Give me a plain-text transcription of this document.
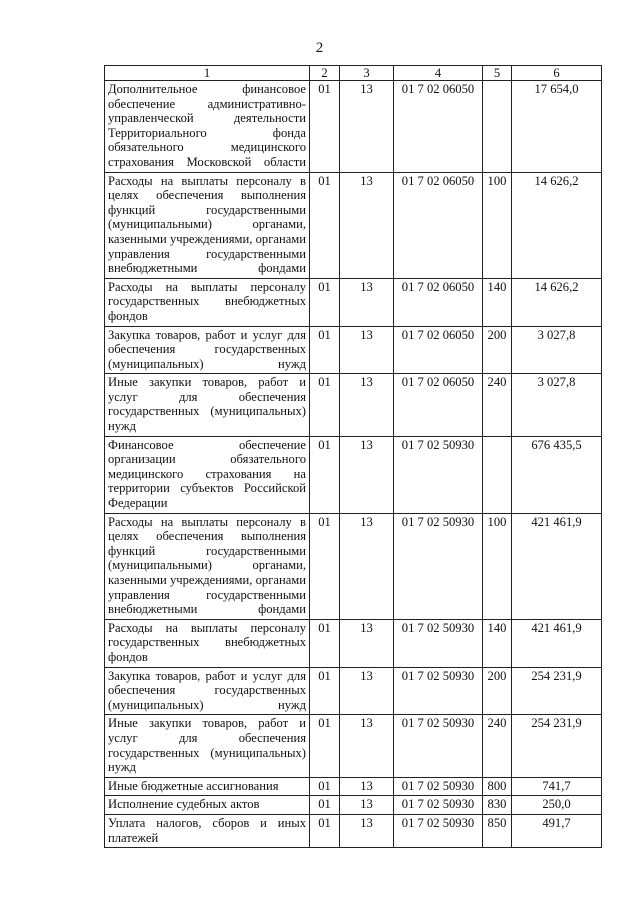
2
1	2	3	4	5	6
Дополнительное финансовое обеспечение административно-управленческой деятельности Территориального фонда обязательного медицинского страхования Московской области	01	13	01 7 02 06050		17 654,0
Расходы на выплаты персоналу в целях обеспечения выполнения функций государственными (муниципальными) органами, казенными учреждениями, органами управления государственными внебюджетными фондами	01	13	01 7 02 06050	100	14 626,2
Расходы на выплаты персоналу государственных внебюджетных фондов	01	13	01 7 02 06050	140	14 626,2
Закупка товаров, работ и услуг для обеспечения государственных (муниципальных) нужд	01	13	01 7 02 06050	200	3 027,8
Иные закупки товаров, работ и услуг для обеспечения государственных (муниципальных) нужд	01	13	01 7 02 06050	240	3 027,8
Финансовое обеспечение организации обязательного медицинского страхования на территории субъектов Российской Федерации	01	13	01 7 02 50930		676 435,5
Расходы на выплаты персоналу в целях обеспечения выполнения функций государственными (муниципальными) органами, казенными учреждениями, органами управления государственными внебюджетными фондами	01	13	01 7 02 50930	100	421 461,9
Расходы на выплаты персоналу государственных внебюджетных фондов	01	13	01 7 02 50930	140	421 461,9
Закупка товаров, работ и услуг для обеспечения государственных (муниципальных) нужд	01	13	01 7 02 50930	200	254 231,9
Иные закупки товаров, работ и услуг для обеспечения государственных (муниципальных) нужд	01	13	01 7 02 50930	240	254 231,9
Иные бюджетные ассигнования	01	13	01 7 02 50930	800	741,7
Исполнение судебных актов	01	13	01 7 02 50930	830	250,0
Уплата налогов, сборов и иных платежей	01	13	01 7 02 50930	850	491,7
